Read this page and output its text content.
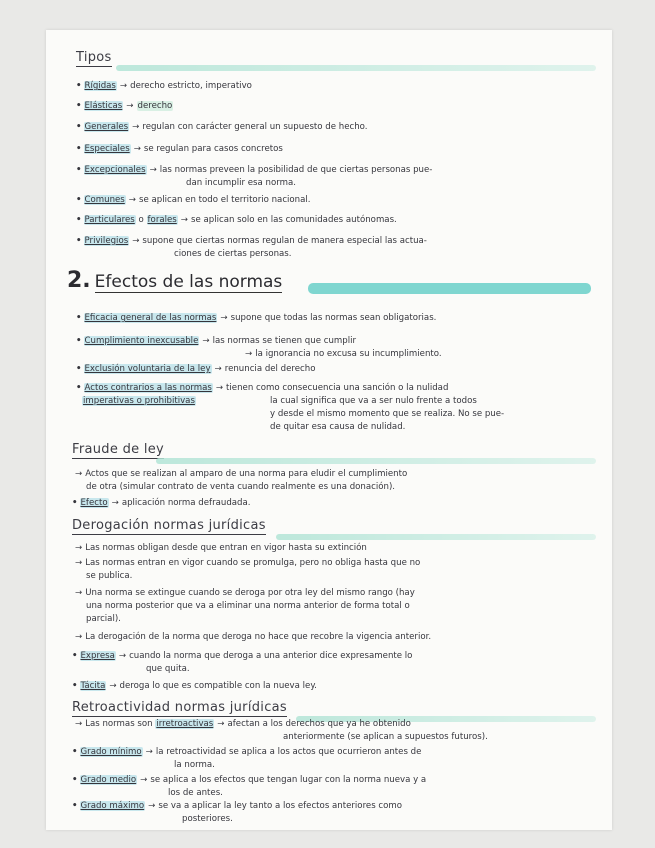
Tipos
• Rígidas → derecho estricto, imperativo
• Elásticas → derecho
• Generales → regulan con carácter general un supuesto de hecho.
• Especiales → se regulan para casos concretos
• Excepcionales → las normas preveen la posibilidad de que ciertas personas pue-
dan incumplir esa norma.
• Comunes → se aplican en todo el territorio nacional.
• Particulares o forales → se aplican solo en las comunidades autónomas.
• Privilegios → supone que ciertas normas regulan de manera especial las actua-
ciones de ciertas personas.
2. Efectos de las normas
• Eficacia general de las normas → supone que todas las normas sean obligatorias.
• Cumplimiento inexcusable → las normas se tienen que cumplir
→ la ignorancia no excusa su incumplimiento.
• Exclusión voluntaria de la ley → renuncia del derecho
• Actos contrarios a las normas → tienen como consecuencia una sanción o la nulidad
imperativas o prohibitivas	la cual significa que va a ser nulo frente a todos
y desde el mismo momento que se realiza. No se pue-
de quitar esa causa de nulidad.
Fraude de ley
→ Actos que se realizan al amparo de una norma para eludir el cumplimiento
de otra (simular contrato de venta cuando realmente es una donación).
• Efecto → aplicación norma defraudada.
Derogación normas jurídicas
→ Las normas obligan desde que entran en vigor hasta su extinción
→ Las normas entran en vigor cuando se promulga, pero no obliga hasta que no
se publica.
→ Una norma se extingue cuando se deroga por otra ley del mismo rango (hay
una norma posterior que va a eliminar una norma anterior de forma total o
parcial).
→ La derogación de la norma que deroga no hace que recobre la vigencia anterior.
• Expresa → cuando la norma que deroga a una anterior dice expresamente lo
que quita.
• Tácita → deroga lo que es compatible con la nueva ley.
Retroactividad normas jurídicas
→ Las normas son irretroactivas → afectan a los derechos que ya he obtenido
anteriormente (se aplican a supuestos futuros).
• Grado mínimo → la retroactividad se aplica a los actos que ocurrieron antes de
la norma.
• Grado medio → se aplica a los efectos que tengan lugar con la norma nueva y a
los de antes.
• Grado máximo → se va a aplicar la ley tanto a los efectos anteriores como
posteriores.
